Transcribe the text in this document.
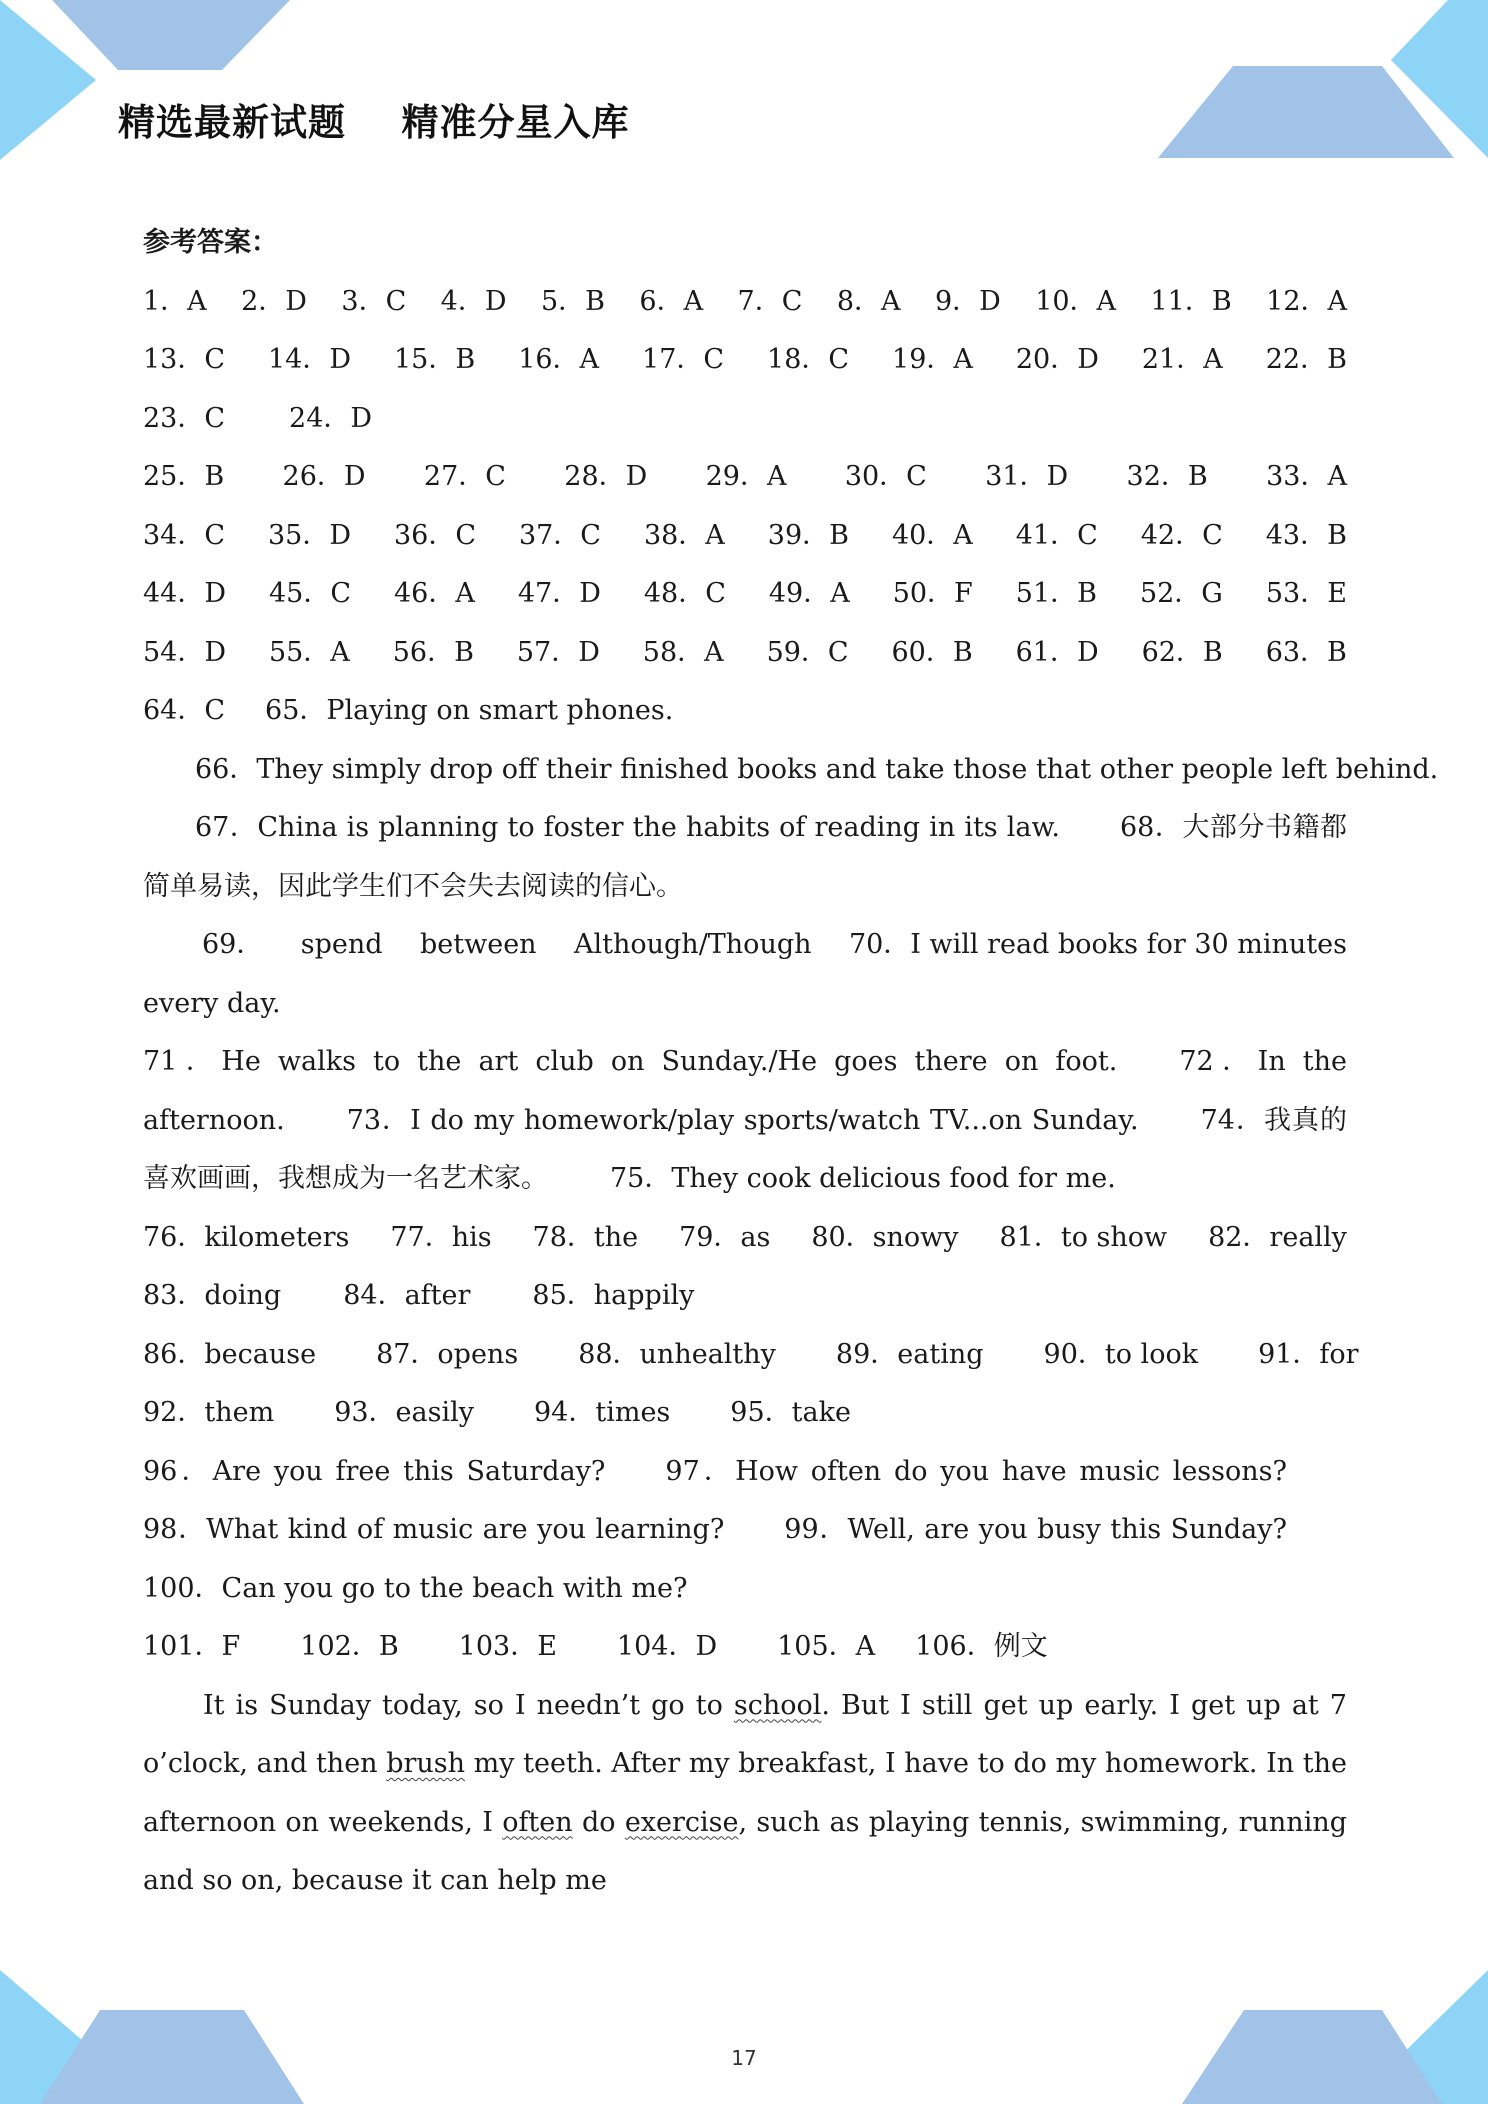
精选最新试题    精准分星入库
参考答案：
1．A 2．D 3．C 4．D 5．B 6．A 7．C 8．A 9．D 10．A 11．B 12．A
13．C 14．D 15．B 16．A 17．C 18．C 19．A 20．D 21．A 22．B
23．C 24．D
25．B 26．D 27．C 28．D 29．A 30．C 31．D 32．B 33．A
34．C 35．D 36．C 37．C 38．A 39．B 40．A 41．C 42．C 43．B
44．D 45．C 46．A 47．D 48．C 49．A 50．F 51．B 52．G 53．E
54．D 55．A 56．B 57．D 58．A 59．C 60．B 61．D 62．B 63．B
64．C 65．Playing on smart phones.
66．They simply drop off their finished books and take those that other people left behind.
67．China is planning to foster the habits of reading in its law. 68．大部分书籍都简单易读，因此学生们不会失去阅读的信心。
69． spend between Although/Though 70．I will read books for 30 minutes
every day.
71．He walks to the art club on Sunday./He goes there on foot. 72．In the afternoon. 73．I do my homework/play sports/watch TV...on Sunday. 74．我真的喜欢画画，我想成为一名艺术家。 75．They cook delicious food for me.
76．kilometers 77．his 78．the 79．as 80．snowy 81．to show 82．really
83．doing 84．after 85．happily
86．because 87．opens 88．unhealthy 89．eating 90．to look 91．for
92．them 93．easily 94．times 95．take
96．Are you free this Saturday? 97．How often do you have music lessons?98．What kind of music are you learning? 99．Well, are you busy this Sunday?100．Can you go to the beach with me?
101．F 102．B 103．E 104．D 105．A 106．例文
It is Sunday today, so I needn’t go to school. But I still get up early. I get up at 7 o’clock, and then brush my teeth. After my breakfast, I have to do my homework. In the afternoon on weekends, I often do exercise, such as playing tennis, swimming, running and so on, because it can help me
17
